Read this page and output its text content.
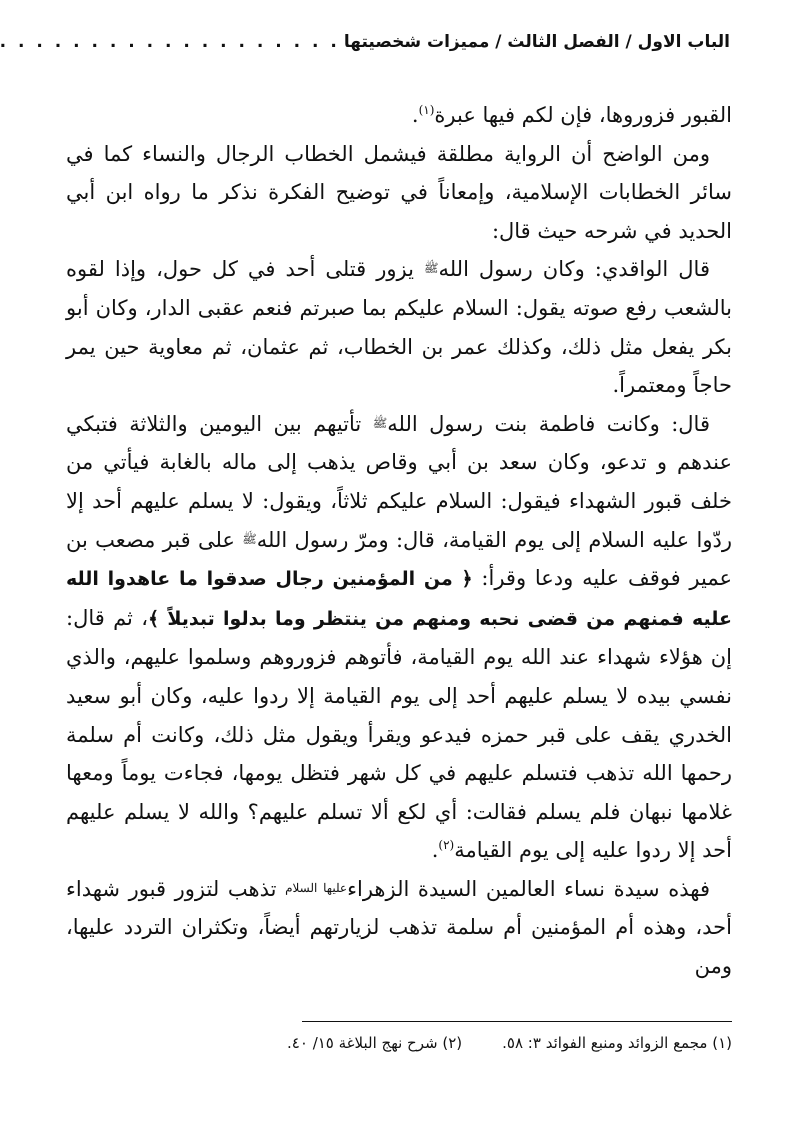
الباب الاول / الفصل الثالث / مميزات شخصيتها
. . . . . . . . . . . . . . . . . . .

القبور فزوروها، فإن لكم فيها عبرة$^{(١)}$.

ومن الواضح أن الرواية مطلقة فيشمل الخطاب الرجال والنساء كما في سائر الخطابات الإسلامية، وإمعاناً في توضيح الفكرة نذكر ما رواه ابن أبي الحديد في شرحه حيث قال:

قال الواقدي: وكان رسول اللهﷺ يزور قتلى أحد في كل حول، وإذا لقوه بالشعب رفع صوته يقول: السلام عليكم بما صبرتم فنعم عقبى الدار، وكان أبو بكر يفعل مثل ذلك، وكذلك عمر بن الخطاب، ثم عثمان، ثم معاوية حين يمر حاجاً ومعتمراً.

قال: وكانت فاطمة بنت رسول اللهﷺ تأتيهم بين اليومين والثلاثة فتبكي عندهم و تدعو، وكان سعد بن أبي وقاص يذهب إلى ماله بالغابة فيأتي من خلف قبور الشهداء فيقول: السلام عليكم ثلاثاً، ويقول: لا يسلم عليهم أحد إلا ردّوا عليه السلام إلى يوم القيامة، قال: ومرّ رسول اللهﷺ على قبر مصعب بن عمير فوقف عليه ودعا وقرأ: ﴿ من المؤمنين رجال صدقوا ما عاهدوا الله عليه فمنهم من قضى نحبه ومنهم من ينتظر وما بدلوا تبديلاً ﴾، ثم قال: إن هؤلاء شهداء عند الله يوم القيامة، فأتوهم فزوروهم وسلموا عليهم، والذي نفسي بيده لا يسلم عليهم أحد إلى يوم القيامة إلا ردوا عليه، وكان أبو سعيد الخدري يقف على قبر حمزه فيدعو ويقرأ ويقول مثل ذلك، وكانت أم سلمة رحمها الله تذهب فتسلم عليهم في كل شهر فتظل يومها، فجاءت يوماً ومعها غلامها نبهان فلم يسلم فقالت: أي لكع ألا تسلم عليهم؟ والله لا يسلم عليهم أحد إلا ردوا عليه إلى يوم القيامة$^{(٢)}$.

فهذه سيدة نساء العالمين السيدة الزهراءعليها السلام تذهب لتزور قبور شهداء أحد، وهذه أم المؤمنين أم سلمة تذهب لزيارتهم أيضاً، وتكثران التردد عليها، ومن

(١) مجمع الزوائد ومنبع الفوائد ٣: ٥٨.
(٢) شرح نهج البلاغة ١٥/ ٤٠.
